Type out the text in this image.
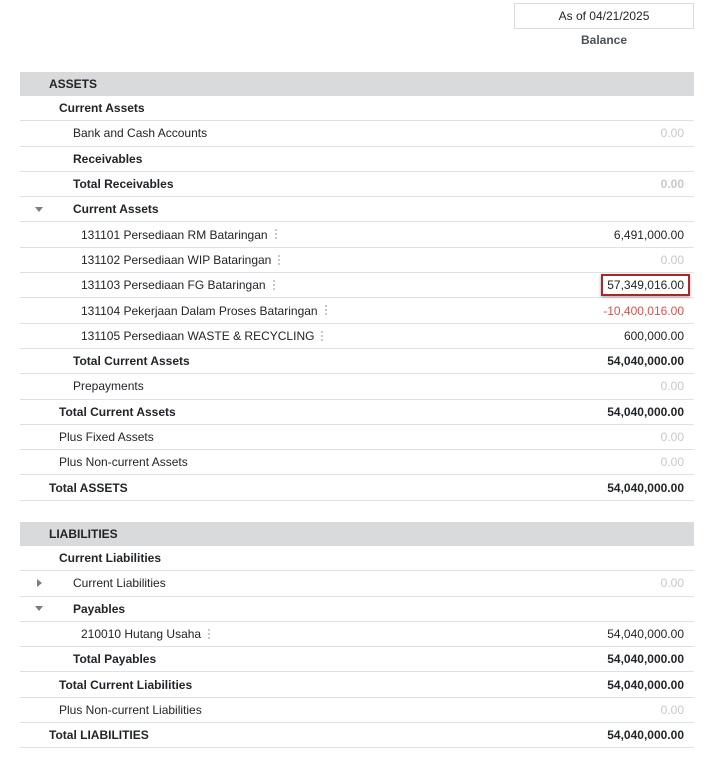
As of 04/21/2025
Balance
ASSETS
Current Assets
Bank and Cash Accounts	0.00
Receivables
Total Receivables	0.00
Current Assets
131101 Persediaan RM Bataringan	6,491,000.00
131102 Persediaan WIP Bataringan	0.00
131103 Persediaan FG Bataringan	57,349,016.00
131104 Pekerjaan Dalam Proses Bataringan	-10,400,016.00
131105 Persediaan WASTE & RECYCLING	600,000.00
Total Current Assets	54,040,000.00
Prepayments	0.00
Total Current Assets	54,040,000.00
Plus Fixed Assets	0.00
Plus Non-current Assets	0.00
Total ASSETS	54,040,000.00
LIABILITIES
Current Liabilities
Current Liabilities	0.00
Payables
210010 Hutang Usaha	54,040,000.00
Total Payables	54,040,000.00
Total Current Liabilities	54,040,000.00
Plus Non-current Liabilities	0.00
Total LIABILITIES	54,040,000.00
